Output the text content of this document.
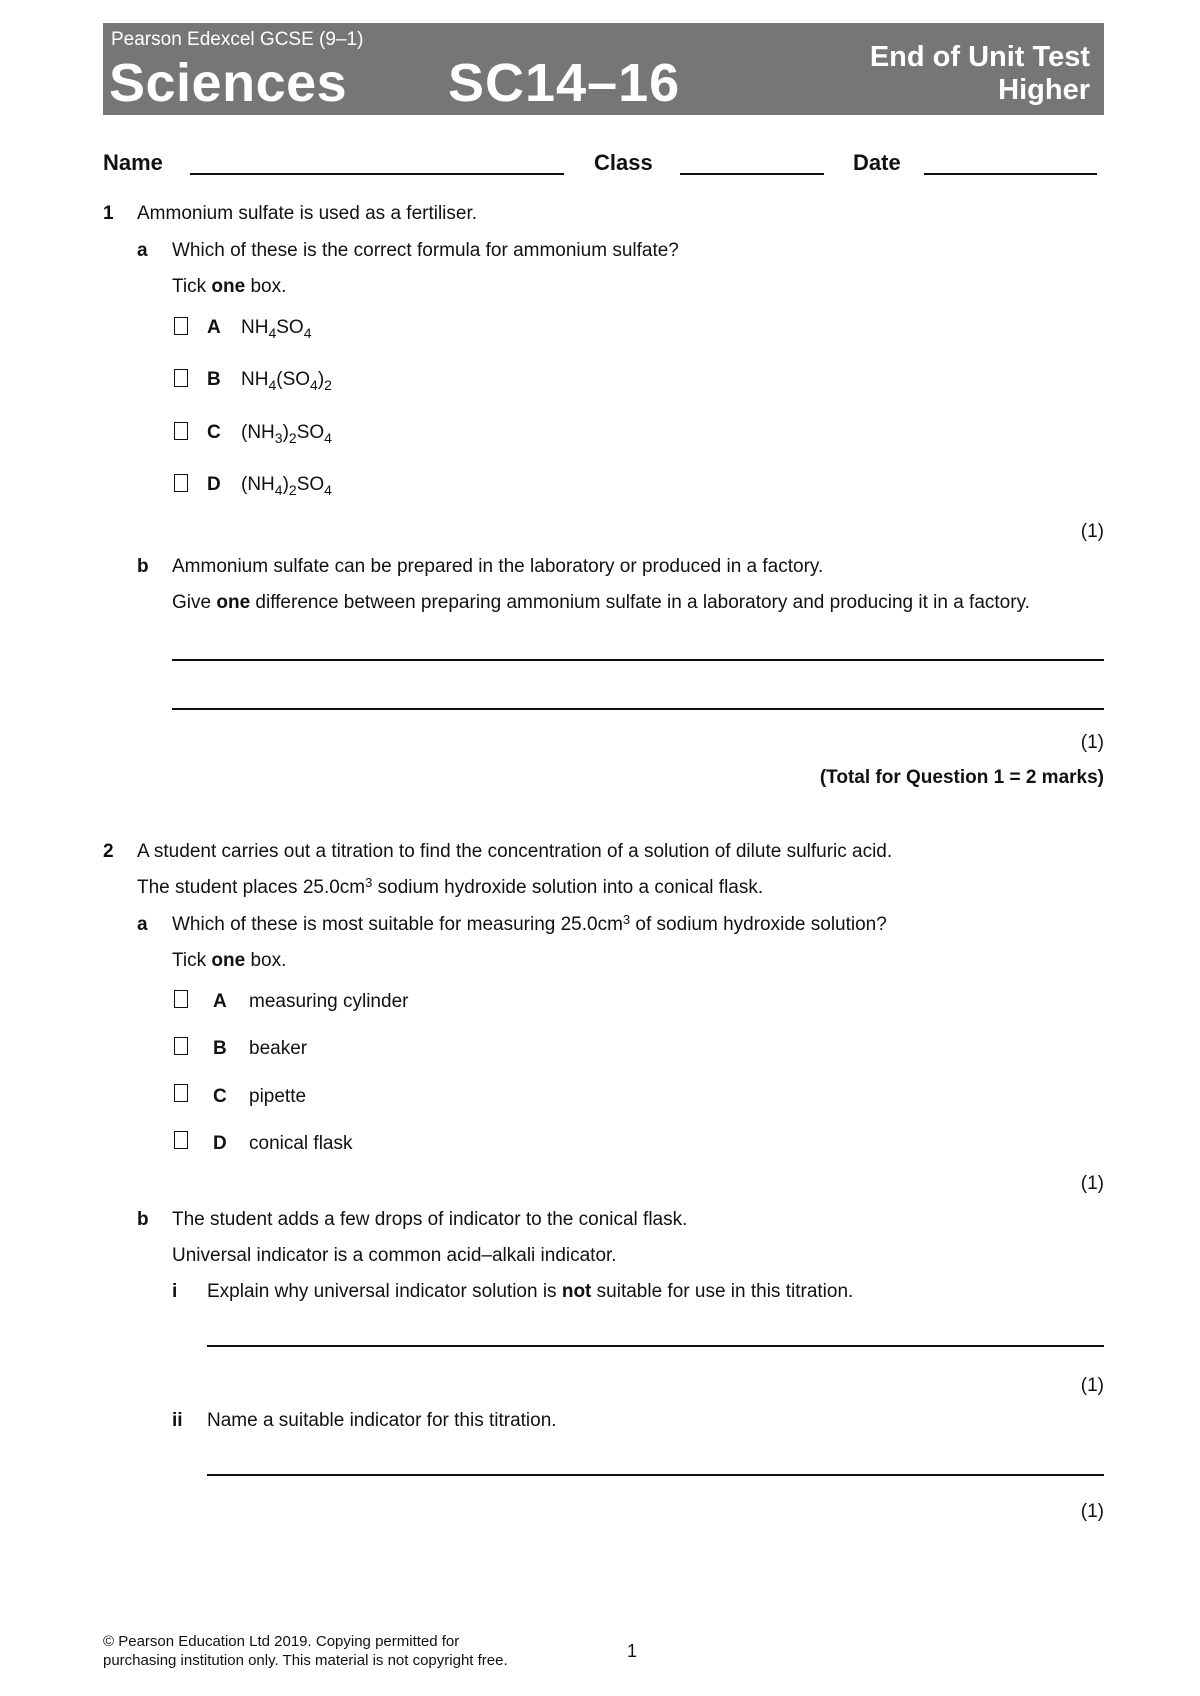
Pearson Edexcel GCSE (9–1)
Sciences SC14–16	End of Unit Test
Higher
Name	Class	Date
1 Ammonium sulfate is used as a fertiliser.
a Which of these is the correct formula for ammonium sulfate?
Tick one box.
A $NH_4SO_4$
B $NH_4(SO_4)_2$
C $(NH_3)_2SO_4$
D $(NH_4)_2SO_4$
(1)
b Ammonium sulfate can be prepared in the laboratory or produced in a factory.
Give one difference between preparing ammonium sulfate in a laboratory and producing it in a factory.
(1)
(Total for Question 1 = 2 marks)
2 A student carries out a titration to find the concentration of a solution of dilute sulfuric acid.
The student places $25.0cm^3$ sodium hydroxide solution into a conical flask.
a Which of these is most suitable for measuring $25.0cm^3$ of sodium hydroxide solution?
Tick one box.
A measuring cylinder
B beaker
C pipette
D conical flask
(1)
b The student adds a few drops of indicator to the conical flask.
Universal indicator is a common acid–alkali indicator.
i Explain why universal indicator solution is not suitable for use in this titration.
(1)
ii Name a suitable indicator for this titration.
(1)
© Pearson Education Ltd 2019. Copying permitted for
purchasing institution only. This material is not copyright free.	1
